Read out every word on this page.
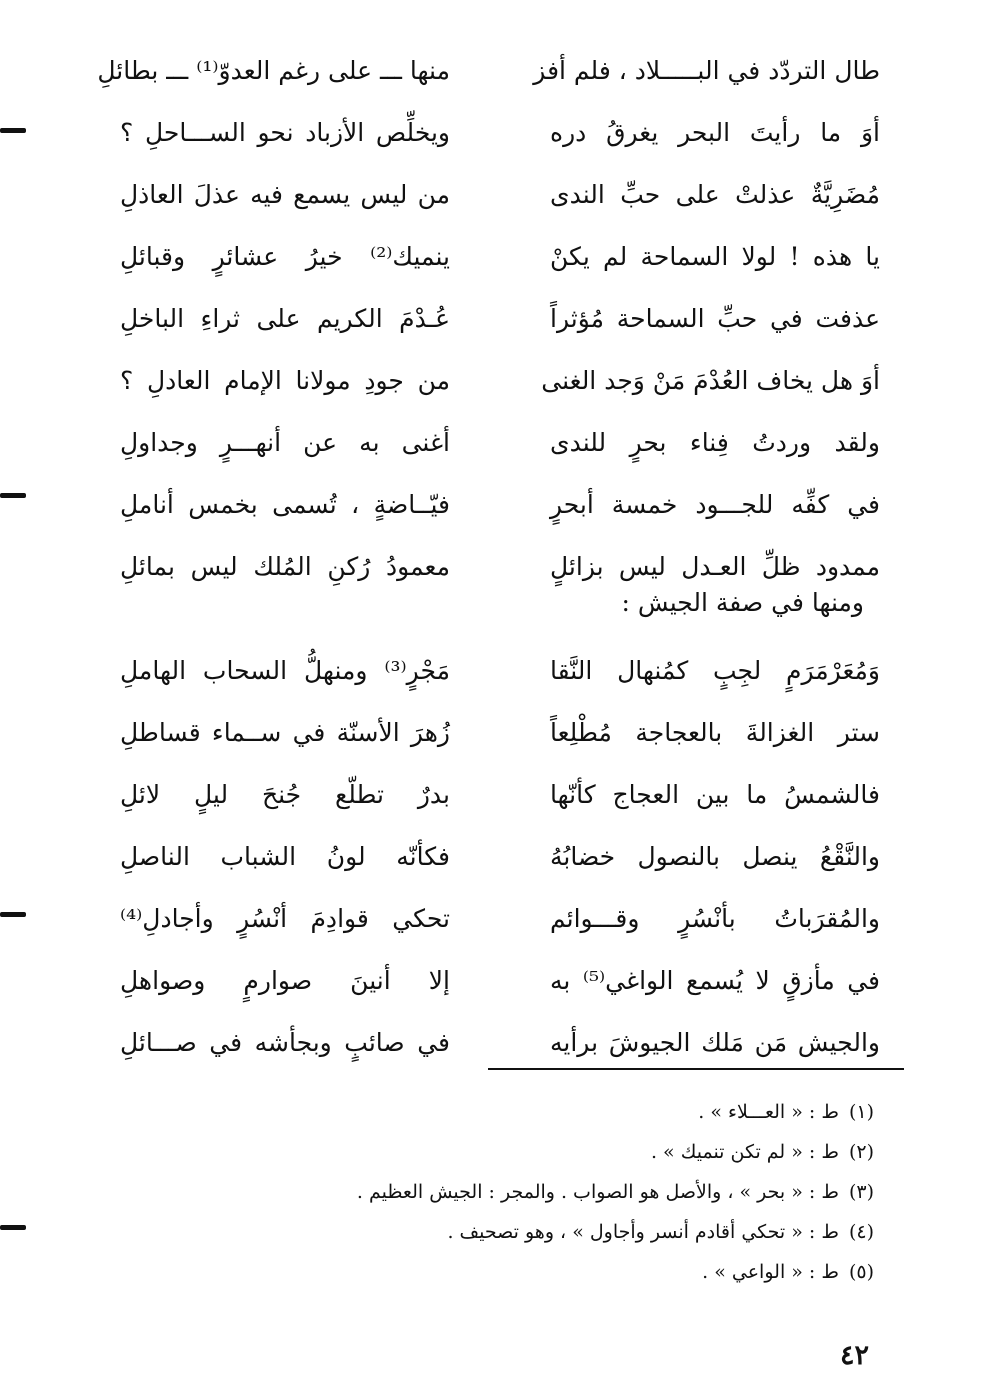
طال التردّد في البـــــلاد ، فلم أفز
منها ـــ على رغم العدوّ⁽¹⁾ ـــ بطائلِ
أوَ ما رأيتَ البحر يغرقُ دره
ويخلِّص الأزباد نحو الســـاحلِ ؟
مُضَرِيَّةٌ عذلتْ على حبِّ الندى
من ليس يسمع فيه عذلَ العاذلِ
يا هذه ! لولا السماحة لم يكنْ
ينميك⁽²⁾ خيرُ عشائرٍ وقبائلِ
عذفت في حبِّ السماحة مُؤثراً
عُـدْمَ الكريم على ثراءِ الباخلِ
أوَ هل يخاف العُدْمَ مَنْ وَجد الغنى
من جودِ مولانا الإمام العادلِ ؟
ولقد وردتُ فِناء بحرٍ للندى
أغنى به عن أنهـــرٍ وجداولِ
في كفِّه للجـــود خمسة أبحرٍ
فيّــاضةٍ ، تُسمى بخمس أناملِ
ممدود ظلِّ العـدل ليس بزائلٍ
معمودُ رُكنِ المُلك ليس بمائلِ
ومنها في صفة الجيش :
وَمُعَرْمَرَمٍ لجِبٍ كمُنهال النَّقا
مَجْرٍ⁽³⁾ ومنهلُّ السحاب الهاملِ
ستر الغزالةَ بالعجاجة مُطْلِعاً
زُهرَ الأسنّة في ســماء قساطلِ
فالشمسُ ما بين العجاج كأنّها
بدرٌ تطلّع جُنحَ ليلٍ لائلِ
والنَّقْعُ ينصل بالنصول خضابُهُ
فكأنّه لونُ الشباب الناصلِ
والمُقرَباتُ بأنْسُرٍ وقـــوائم
تحكي قوادِمَ أنْسُرٍ وأجادلِ⁽⁴⁾
في مأزقٍ لا يُسمع الواغي⁽⁵⁾ به
إلا أنينَ صوارمٍ وصواهلِ
والجيش مَن مَلك الجيوشَ برأيه
في صائبٍ وبجأشه في صـــائلِ
(١)
ط : « العـــلاء » .
(٢)
ط : « لم تكن تنميك » .
(٣)
ط : « بحر » ، والأصل هو الصواب . والمجر : الجيش العظيم .
(٤)
ط : « تحكي أقادم أنسر وأجاول » ، وهو تصحيف .
(٥)
ط : « الواعي » .
٤٢
